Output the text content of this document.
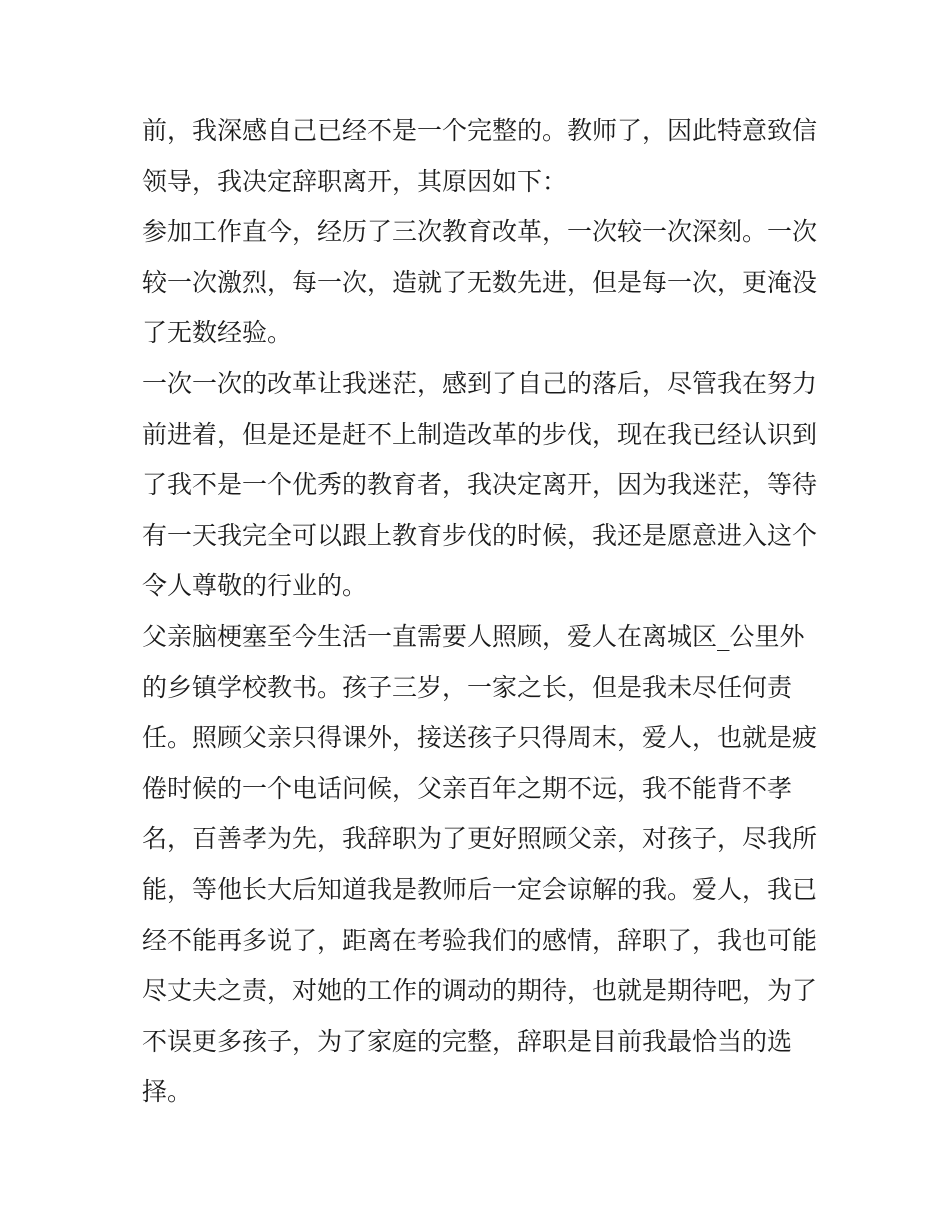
前，我深感自己已经不是一个完整的。教师了，因此特意致信

领导，我决定辞职离开，其原因如下：

参加工作直今，经历了三次教育改革，一次较一次深刻。一次

较一次激烈，每一次，造就了无数先进，但是每一次，更淹没

了无数经验。

一次一次的改革让我迷茫，感到了自己的落后，尽管我在努力

前进着，但是还是赶不上制造改革的步伐，现在我已经认识到

了我不是一个优秀的教育者，我决定离开，因为我迷茫，等待

有一天我完全可以跟上教育步伐的时候，我还是愿意进入这个

令人尊敬的行业的。

父亲脑梗塞至今生活一直需要人照顾，爱人在离城区_公里外

的乡镇学校教书。孩子三岁，一家之长，但是我未尽任何责

任。照顾父亲只得课外，接送孩子只得周末，爱人，也就是疲

倦时候的一个电话问候，父亲百年之期不远，我不能背不孝

名，百善孝为先，我辞职为了更好照顾父亲，对孩子，尽我所

能，等他长大后知道我是教师后一定会谅解的我。爱人，我已

经不能再多说了，距离在考验我们的感情，辞职了，我也可能

尽丈夫之责，对她的工作的调动的期待，也就是期待吧，为了

不误更多孩子，为了家庭的完整，辞职是目前我最恰当的选

择。
